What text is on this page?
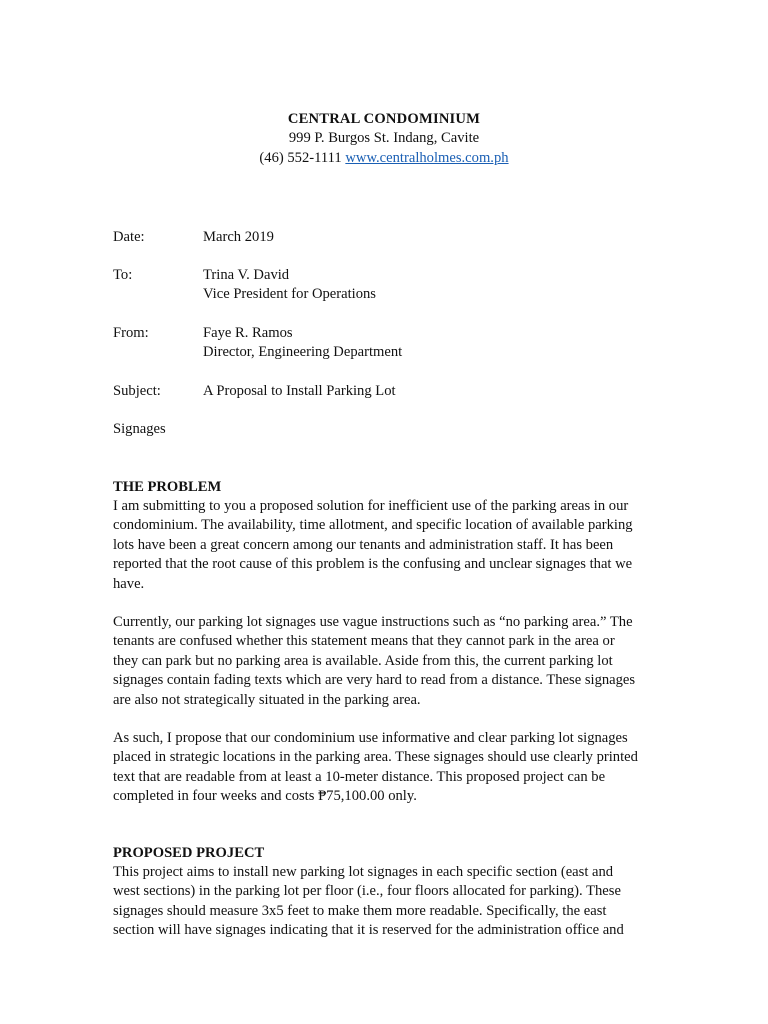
CENTRAL CONDOMINIUM
999 P. Burgos St. Indang, Cavite
(46) 552-1111 www.centralholmes.com.ph
Date:	March 2019
To:	Trina V. David
Vice President for Operations
From:	Faye R. Ramos
Director, Engineering Department
Subject:	A Proposal to Install Parking Lot
Signages
THE PROBLEM
I am submitting to you a proposed solution for inefficient use of the parking areas in our
condominium. The availability, time allotment, and specific location of available parking
lots have been a great concern among our tenants and administration staff. It has been
reported that the root cause of this problem is the confusing and unclear signages that we
have.
Currently, our parking lot signages use vague instructions such as “no parking area.” The
tenants are confused whether this statement means that they cannot park in the area or
they can park but no parking area is available. Aside from this, the current parking lot
signages contain fading texts which are very hard to read from a distance. These signages
are also not strategically situated in the parking area.
As such, I propose that our condominium use informative and clear parking lot signages
placed in strategic locations in the parking area. These signages should use clearly printed
text that are readable from at least a 10-meter distance. This proposed project can be
completed in four weeks and costs ₱75,100.00 only.
PROPOSED PROJECT
This project aims to install new parking lot signages in each specific section (east and
west sections) in the parking lot per floor (i.e., four floors allocated for parking). These
signages should measure 3x5 feet to make them more readable. Specifically, the east
section will have signages indicating that it is reserved for the administration office and
